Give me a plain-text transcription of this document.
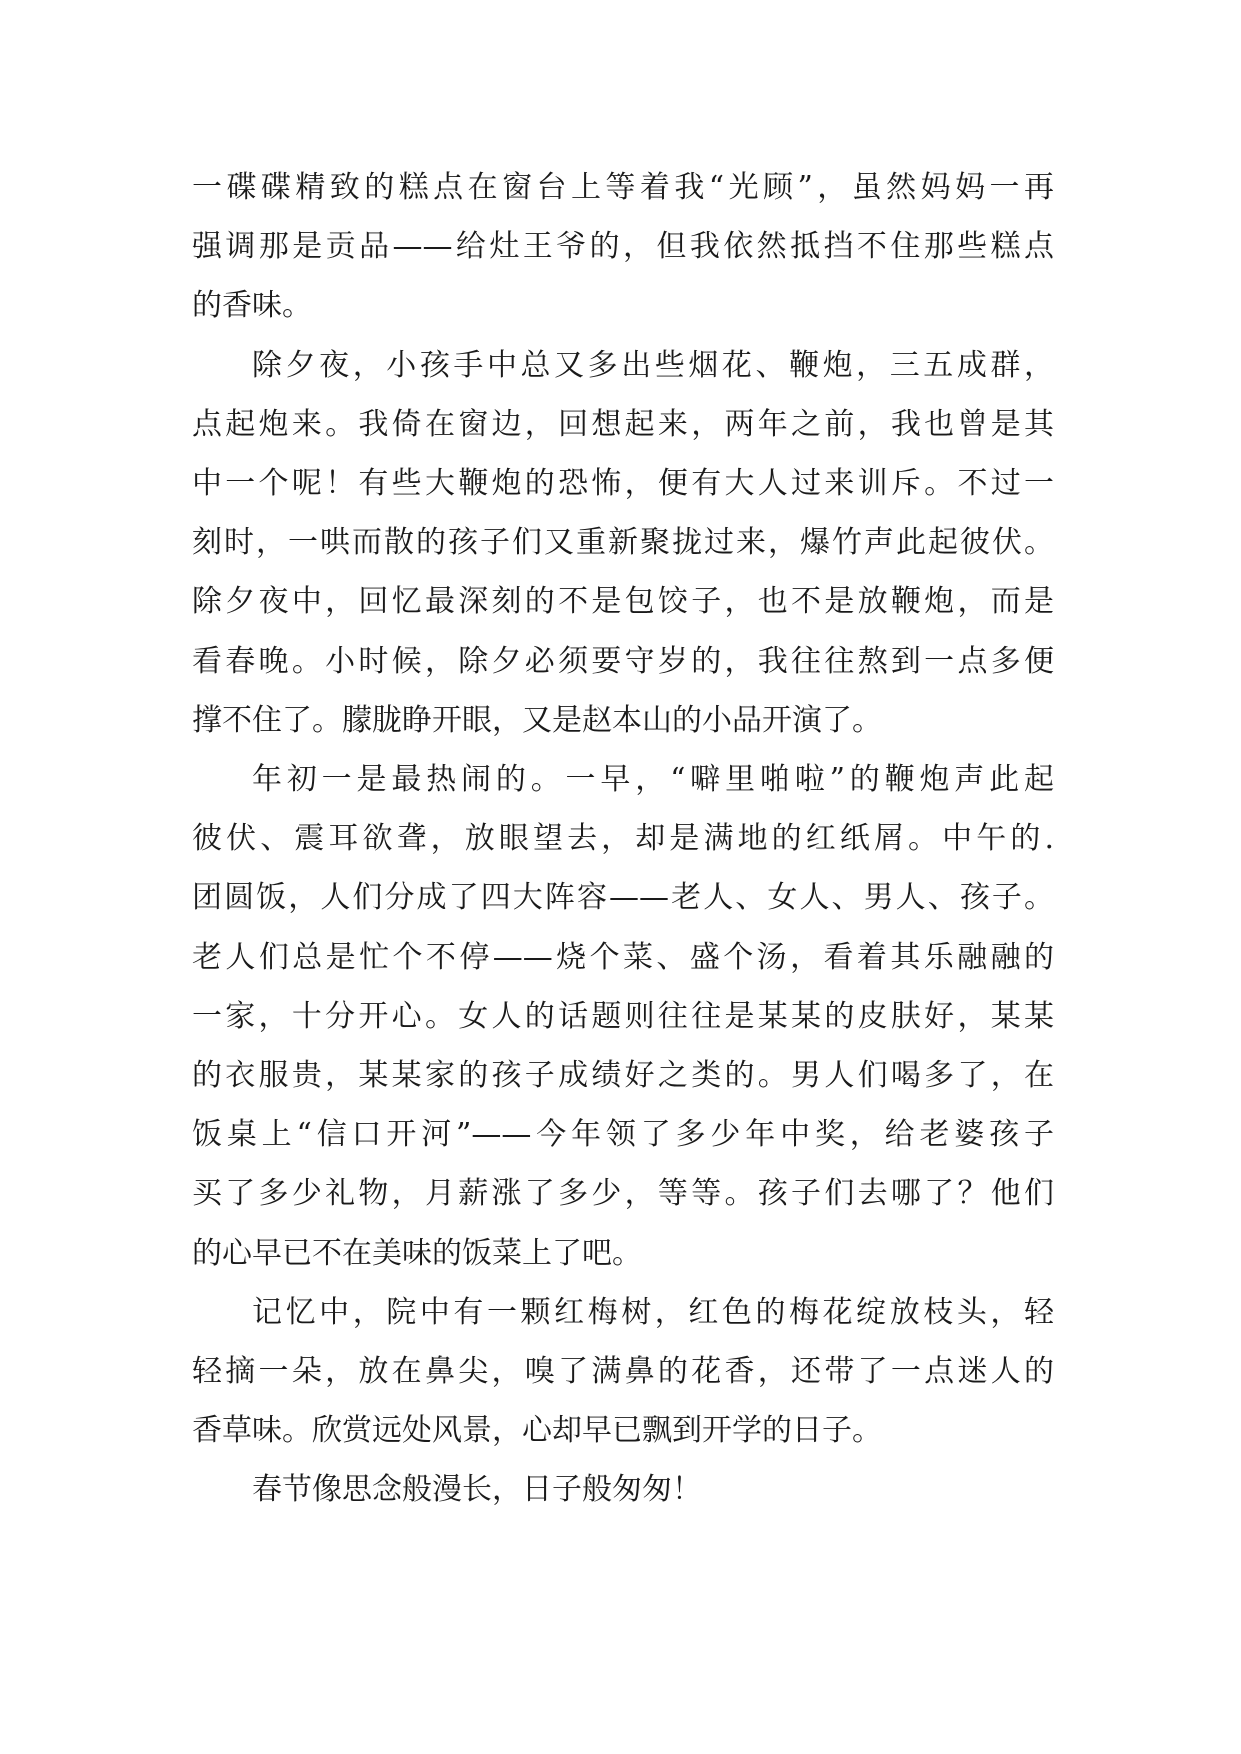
一碟碟精致的糕点在窗台上等着我“光顾”，虽然妈妈一再
强调那是贡品——给灶王爷的，但我依然抵挡不住那些糕点
的香味。

除夕夜，小孩手中总又多出些烟花、鞭炮，三五成群，
点起炮来。我倚在窗边，回想起来，两年之前，我也曾是其
中一个呢！有些大鞭炮的恐怖，便有大人过来训斥。不过一
刻时，一哄而散的孩子们又重新聚拢过来，爆竹声此起彼伏。
除夕夜中，回忆最深刻的不是包饺子，也不是放鞭炮，而是
看春晚。小时候，除夕必须要守岁的，我往往熬到一点多便
撑不住了。朦胧睁开眼，又是赵本山的小品开演了。

年初一是最热闹的。一早，“噼里啪啦”的鞭炮声此起
彼伏、震耳欲聋，放眼望去，却是满地的红纸屑。中午的.
团圆饭，人们分成了四大阵容——老人、女人、男人、孩子。
老人们总是忙个不停——烧个菜、盛个汤，看着其乐融融的
一家，十分开心。女人的话题则往往是某某的皮肤好，某某
的衣服贵，某某家的孩子成绩好之类的。男人们喝多了，在
饭桌上“信口开河”——今年领了多少年中奖，给老婆孩子
买了多少礼物，月薪涨了多少，等等。孩子们去哪了？他们
的心早已不在美味的饭菜上了吧。

记忆中，院中有一颗红梅树，红色的梅花绽放枝头，轻
轻摘一朵，放在鼻尖，嗅了满鼻的花香，还带了一点迷人的
香草味。欣赏远处风景，心却早已飘到开学的日子。

春节像思念般漫长，日子般匆匆！
